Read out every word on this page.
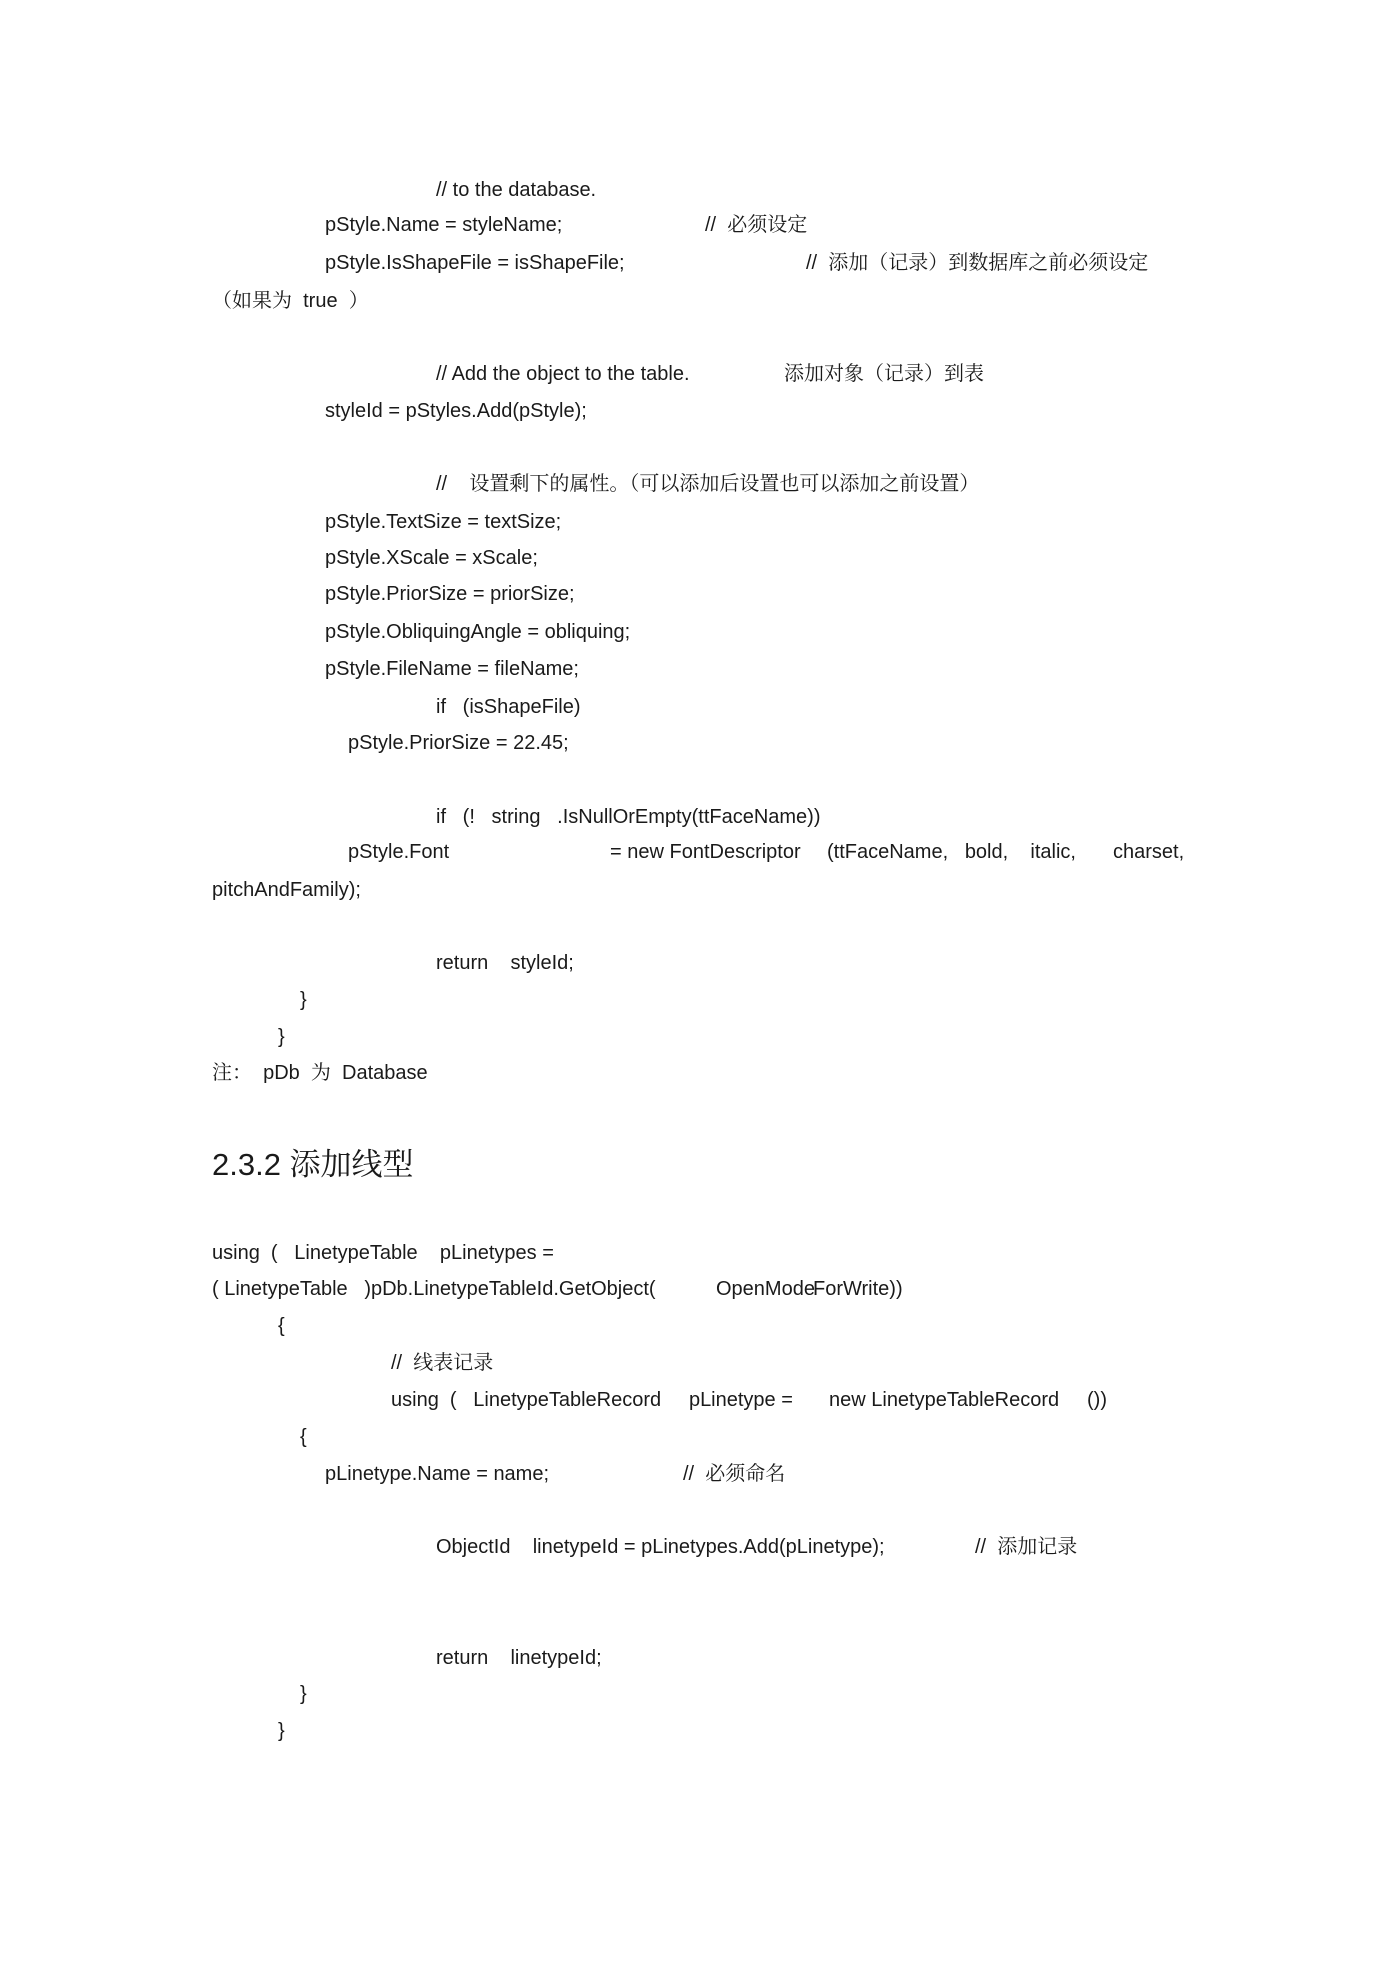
// to the database.
pStyle.Name = styleName;	//  必须设定
pStyle.IsShapeFile = isShapeFile;	//  添加（记录）到数据库之前必须设定
（如果为  true  ）
// Add the object to the table.	添加对象（记录）到表
styleId = pStyles.Add(pStyle);
//    设置剩下的属性。（可以添加后设置也可以添加之前设置）
pStyle.TextSize = textSize;
pStyle.XScale = xScale;
pStyle.PriorSize = priorSize;
pStyle.ObliquingAngle = obliquing;
pStyle.FileName = fileName;
if   (isShapeFile)
pStyle.PriorSize = 22.45;
if   (!   string   .IsNullOrEmpty(ttFaceName))
pStyle.Font	= new FontDescriptor (ttFaceName,   bold,    italic, charset,
pitchAndFamily);
return    styleId;
}
}
注：  pDb  为  Database
2.3.2 添加线型
using  (   LinetypeTable    pLinetypes =
( LinetypeTable   )pDb.LinetypeTableId.GetObject(	OpenMode
ForWrite))
{
//  线表记录
using  (   LinetypeTableRecord     pLinetype = new LinetypeTableRecord ())
{
pLinetype.Name = name;	//  必须命名
ObjectId    linetypeId = pLinetypes.Add(pLinetype);	//  添加记录
return    linetypeId;
}
}
